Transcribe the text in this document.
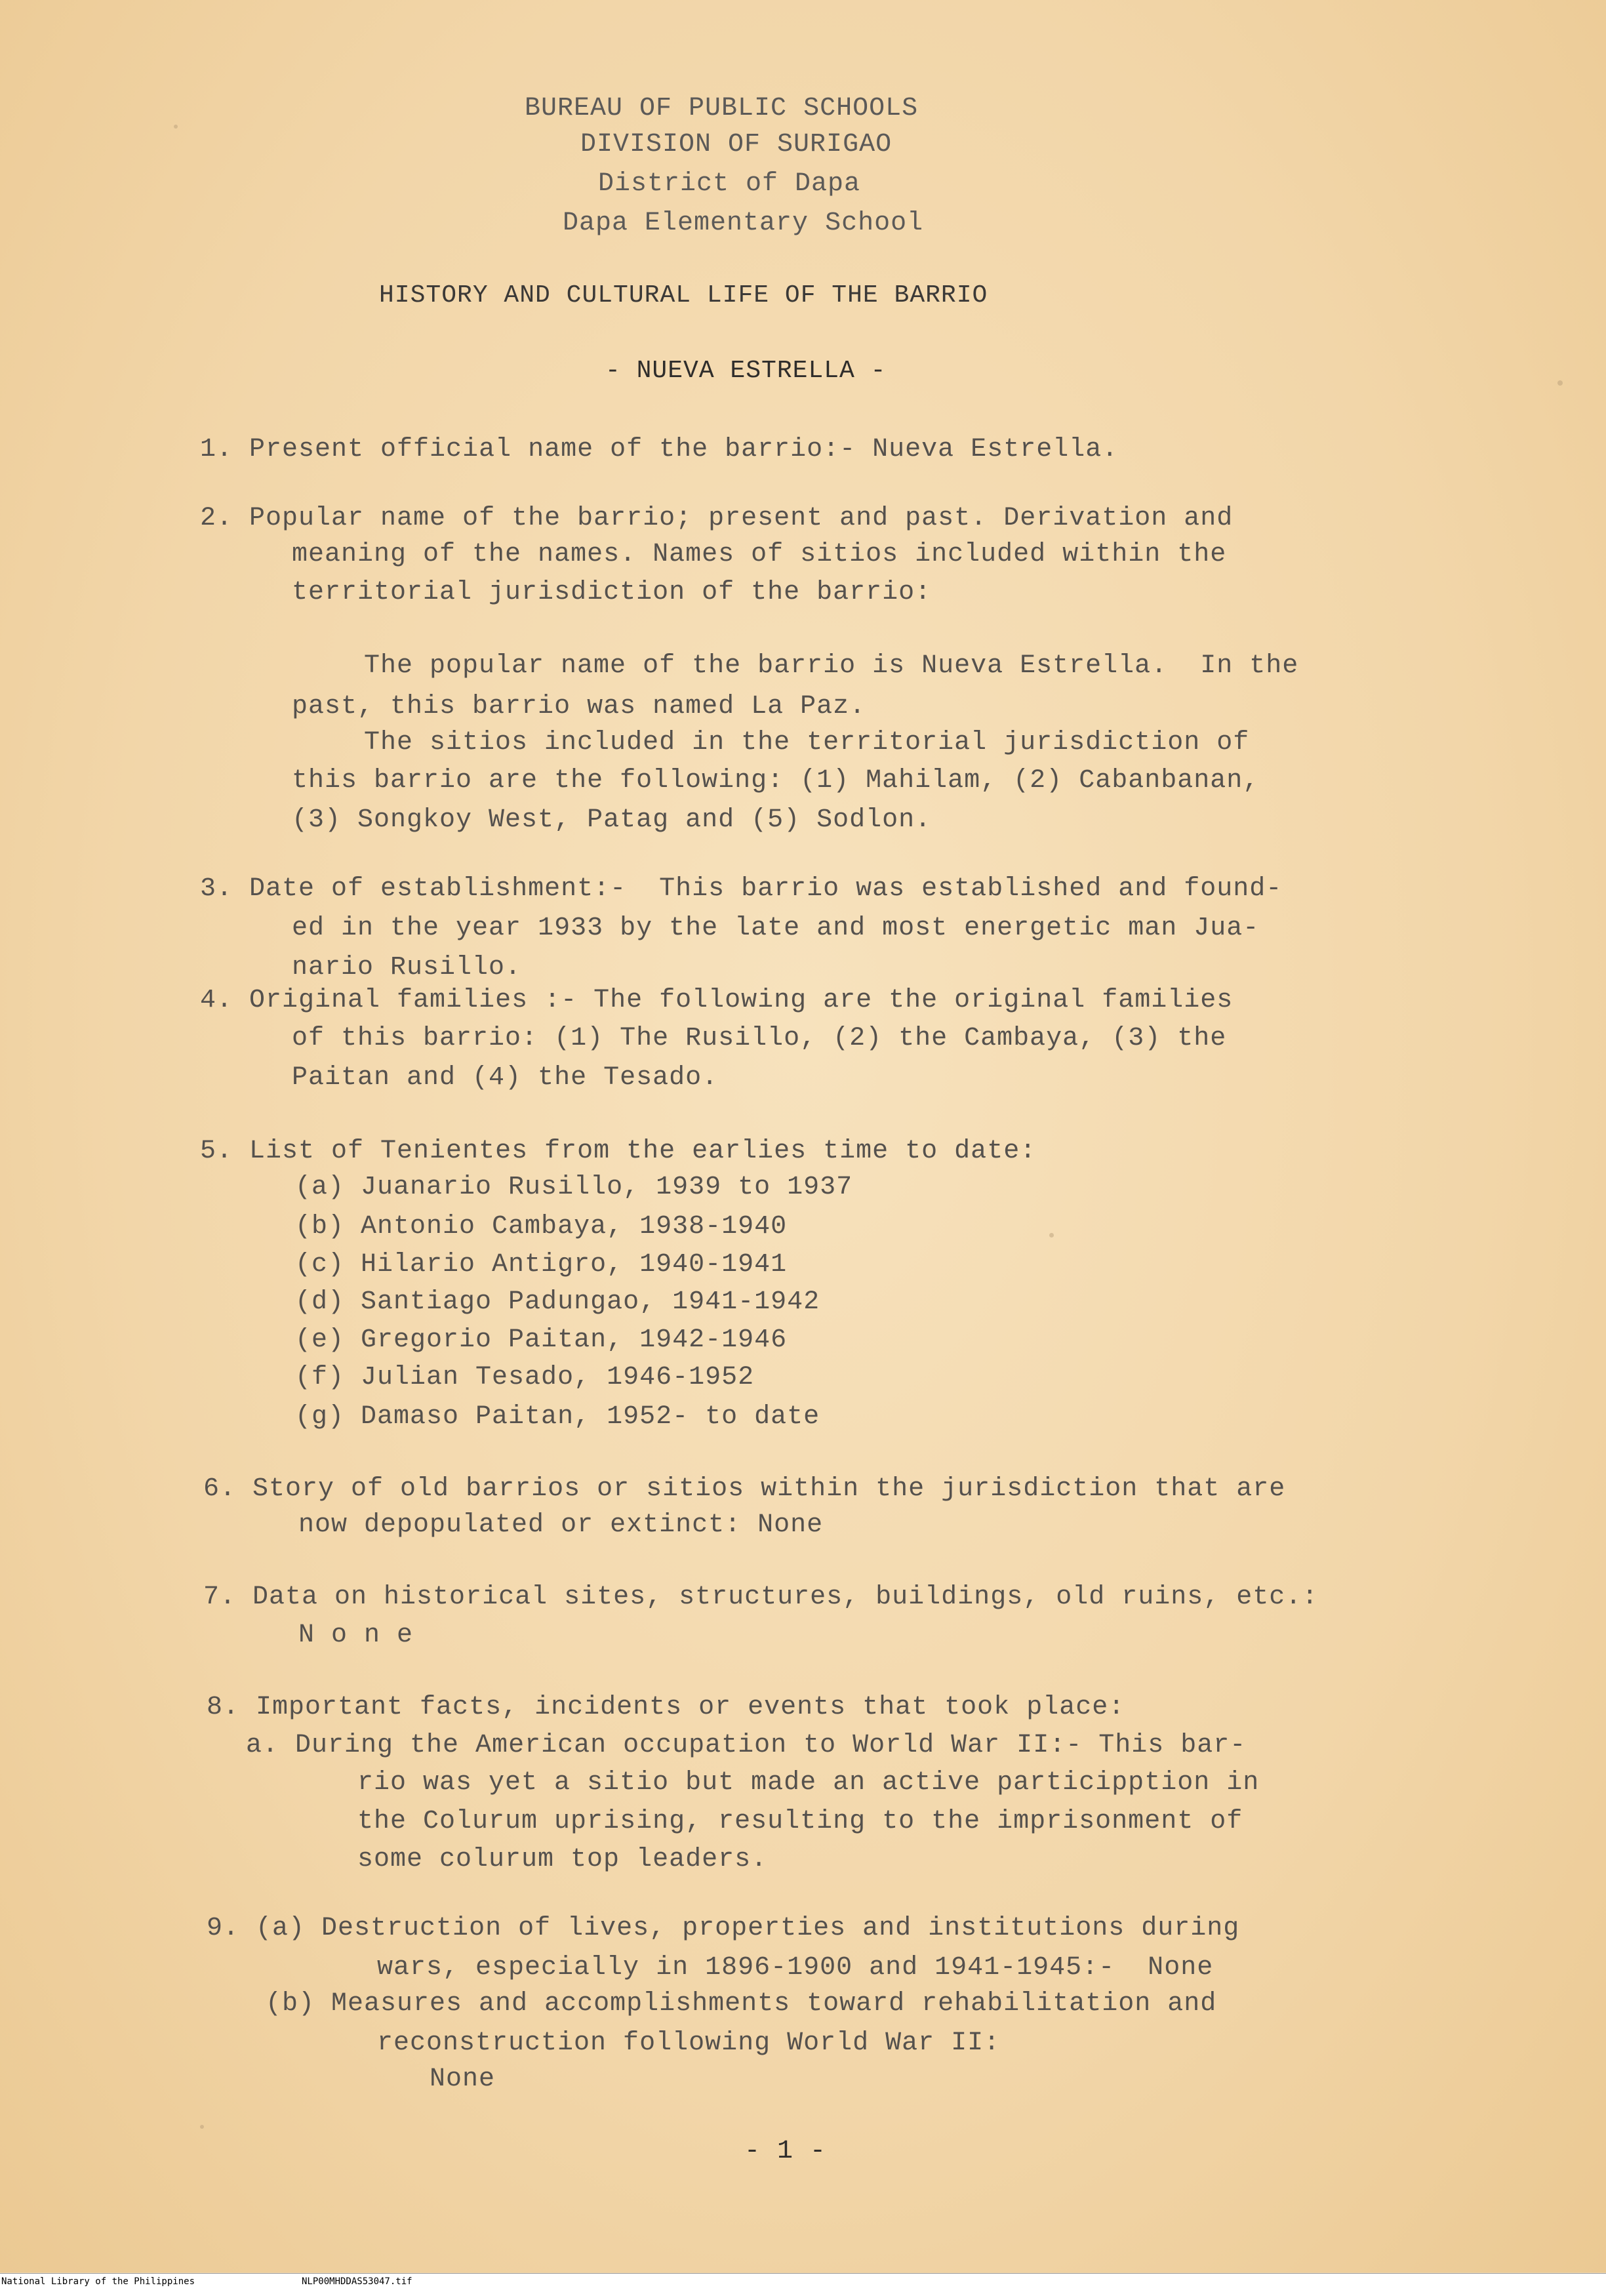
BUREAU OF PUBLIC SCHOOLS
DIVISION OF SURIGAO
District of Dapa
Dapa Elementary School
HISTORY AND CULTURAL LIFE OF THE BARRIO
- NUEVA ESTRELLA -
1. Present official name of the barrio:- Nueva Estrella.
2. Popular name of the barrio; present and past. Derivation and
meaning of the names. Names of sitios included within the
territorial jurisdiction of the barrio:
The popular name of the barrio is Nueva Estrella.  In the
past, this barrio was named La Paz.
The sitios included in the territorial jurisdiction of
this barrio are the following: (1) Mahilam, (2) Cabanbanan,
(3) Songkoy West, Patag and (5) Sodlon.
3. Date of establishment:-  This barrio was established and found-
ed in the year 1933 by the late and most energetic man Jua-
nario Rusillo.
4. Original families :- The following are the original families
of this barrio: (1) The Rusillo, (2) the Cambaya, (3) the
Paitan and (4) the Tesado.
5. List of Tenientes from the earlies time to date:
(a) Juanario Rusillo, 1939 to 1937
(b) Antonio Cambaya, 1938-1940
(c) Hilario Antigro, 1940-1941
(d) Santiago Padungao, 1941-1942
(e) Gregorio Paitan, 1942-1946
(f) Julian Tesado, 1946-1952
(g) Damaso Paitan, 1952- to date
6. Story of old barrios or sitios within the jurisdiction that are
now depopulated or extinct: None
7. Data on historical sites, structures, buildings, old ruins, etc.:
N o n e
8. Important facts, incidents or events that took place:
a. During the American occupation to World War II:- This bar-
rio was yet a sitio but made an active participption in
the Colurum uprising, resulting to the imprisonment of
some colurum top leaders.
9. (a) Destruction of lives, properties and institutions during
wars, especially in 1896-1900 and 1941-1945:-  None
(b) Measures and accomplishments toward rehabilitation and
reconstruction following World War II:
None
- 1 -
National Library of the Philippines	NLP00MHDDAS53047.tif
